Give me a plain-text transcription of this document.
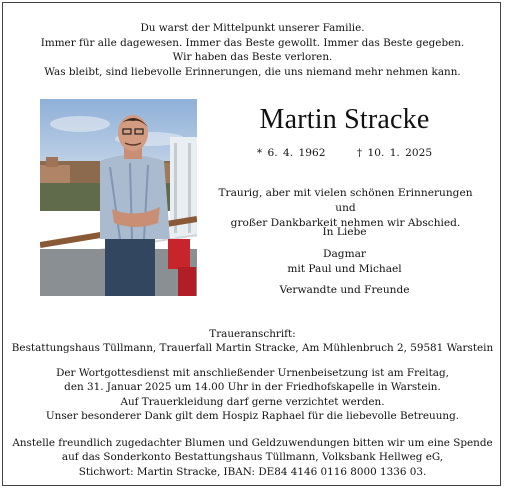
Du warst der Mittelpunkt unserer Familie.
Immer für alle dagewesen. Immer das Beste gewollt. Immer das Beste gegeben.
Wir haben das Beste verloren.
Was bleibt, sind liebevolle Erinnerungen, die uns niemand mehr nehmen kann.
Martin Stracke
* 6. 4. 1962	† 10. 1. 2025
Traurig, aber mit vielen schönen Erinnerungen und
großer Dankbarkeit nehmen wir Abschied.
In Liebe
Dagmar
mit Paul und Michael
Verwandte und Freunde
Traueranschrift:
Bestattungshaus Tüllmann, Trauerfall Martin Stracke, Am Mühlenbruch 2, 59581 Warstein
Der Wortgottesdienst mit anschließender Urnenbeisetzung ist am Freitag,
den 31. Januar 2025 um 14.00 Uhr in der Friedhofskapelle in Warstein.
Auf Trauerkleidung darf gerne verzichtet werden.
Unser besonderer Dank gilt dem Hospiz Raphael für die liebevolle Betreuung.
Anstelle freundlich zugedachter Blumen und Geldzuwendungen bitten wir um eine Spende
auf das Sonderkonto Bestattungshaus Tüllmann, Volksbank Hellweg eG,
Stichwort: Martin Stracke, IBAN: DE84 4146 0116 8000 1336 03.
